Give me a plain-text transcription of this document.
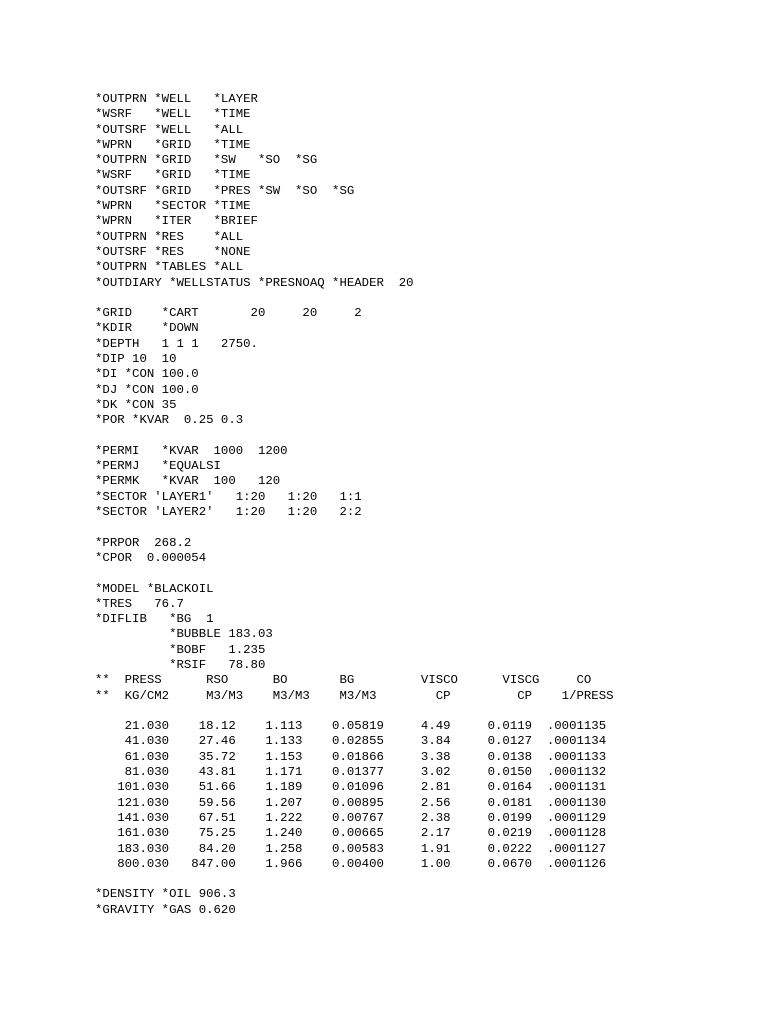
*OUTPRN *WELL   *LAYER
*WSRF   *WELL   *TIME
*OUTSRF *WELL   *ALL
*WPRN   *GRID   *TIME
*OUTPRN *GRID   *SW   *SO  *SG
*WSRF   *GRID   *TIME
*OUTSRF *GRID   *PRES *SW  *SO  *SG
*WPRN   *SECTOR *TIME
*WPRN   *ITER   *BRIEF
*OUTPRN *RES    *ALL
*OUTSRF *RES    *NONE
*OUTPRN *TABLES *ALL
*OUTDIARY *WELLSTATUS *PRESNOAQ *HEADER  20
*GRID    *CART       20     20     2
*KDIR    *DOWN
*DEPTH   1 1 1   2750.
*DIP 10  10
*DI *CON 100.0
*DJ *CON 100.0
*DK *CON 35
*POR *KVAR  0.25 0.3
*PERMI   *KVAR  1000  1200
*PERMJ   *EQUALSI
*PERMK   *KVAR  100   120
*SECTOR 'LAYER1'   1:20   1:20   1:1
*SECTOR 'LAYER2'   1:20   1:20   2:2
*PRPOR  268.2
*CPOR  0.000054
*MODEL *BLACKOIL
*TRES   76.7
*DIFLIB   *BG  1
*BUBBLE 183.03
*BOBF   1.235
*RSIF   78.80
**  PRESS      RSO      BO       BG         VISCO      VISCG     CO
**  KG/CM2     M3/M3    M3/M3    M3/M3        CP         CP    1/PRESS
21.030    18.12    1.113    0.05819     4.49     0.0119  .0001135
41.030    27.46    1.133    0.02855     3.84     0.0127  .0001134
61.030    35.72    1.153    0.01866     3.38     0.0138  .0001133
81.030    43.81    1.171    0.01377     3.02     0.0150  .0001132
101.030    51.66    1.189    0.01096     2.81     0.0164  .0001131
121.030    59.56    1.207    0.00895     2.56     0.0181  .0001130
141.030    67.51    1.222    0.00767     2.38     0.0199  .0001129
161.030    75.25    1.240    0.00665     2.17     0.0219  .0001128
183.030    84.20    1.258    0.00583     1.91     0.0222  .0001127
800.030   847.00    1.966    0.00400     1.00     0.0670  .0001126
*DENSITY *OIL 906.3
*GRAVITY *GAS 0.620
